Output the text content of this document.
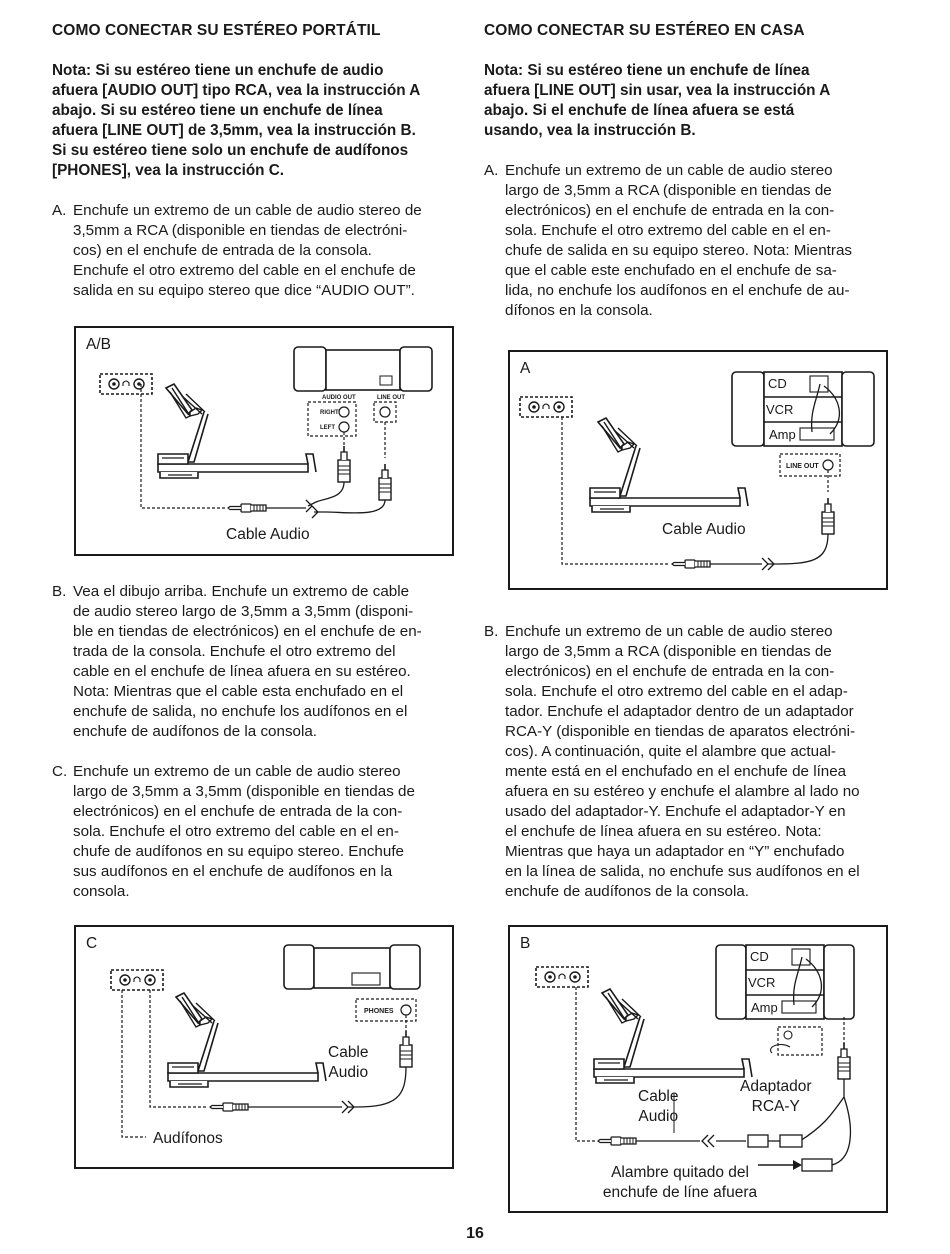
COMO CONECTAR SU ESTÉREO PORTÁTIL
Nota: Si su estéreo tiene un enchufe de audio
afuera [AUDIO OUT] tipo RCA, vea la instrucción A
abajo. Si su estéreo tiene un enchufe de línea
afuera [LINE OUT] de 3,5mm, vea la instrucción B.
Si su estéreo tiene solo un enchufe de audífonos
[PHONES], vea la instrucción C.
A. Enchufe un extremo de un cable de audio stereo de
3,5mm a RCA (disponible en tiendas de electróni-
cos) en el enchufe de entrada de la consola.
Enchufe el otro extremo del cable en el enchufe de
salida en su equipo stereo que dice “AUDIO OUT”.
B. Vea el dibujo arriba. Enchufe un extremo de cable
de audio stereo largo de 3,5mm a 3,5mm (disponi-
ble en tiendas de electrónicos) en el enchufe de en-
trada de la consola. Enchufe el otro extremo del
cable en el enchufe de línea afuera en su estéreo.
Nota: Mientras que el cable esta enchufado en el
enchufe de salida, no enchufe los audífonos en el
enchufe de audífonos de la consola.
C. Enchufe un extremo de un cable de audio stereo
largo de 3,5mm a 3,5mm (disponible en tiendas de
electrónicos) en el enchufe de entrada de la con-
sola. Enchufe el otro extremo del cable en el en-
chufe de audífonos en su equipo stereo. Enchufe
sus audífonos en el enchufe de audífonos en la
consola.
COMO CONECTAR SU ESTÉREO EN CASA
Nota: Si su estéreo tiene un enchufe de línea
afuera [LINE OUT] sin usar, vea la instrucción A
abajo. Si el enchufe de línea afuera se está
usando, vea la instrucción B.
A. Enchufe un extremo de un cable de audio stereo
largo de 3,5mm a RCA (disponible en tiendas de
electrónicos) en el enchufe de entrada en la con-
sola. Enchufe el otro extremo del cable en el en-
chufe de salida en su equipo stereo. Nota: Mientras
que el cable este enchufado en el enchufe de sa-
lida, no enchufe los audífonos en el enchufe de au-
dífonos en la consola.
B. Enchufe un extremo de un cable de audio stereo
largo de 3,5mm a RCA (disponible en tiendas de
electrónicos) en el enchufe de entrada en la con-
sola. Enchufe el otro extremo del cable en el adap-
tador. Enchufe el adaptador dentro de un adaptador
RCA-Y (disponible en tiendas de aparatos electróni-
cos). A continuación, quite el alambre que actual-
mente está en el enchufado en el enchufe de línea
afuera en su estéreo y enchufe el alambre al lado no
usado del adaptador-Y. Enchufe el adaptador-Y en
el enchufe de línea afuera en su estéreo. Nota:
Mientras que haya un adaptador en “Y” enchufado
en la línea de salida, no enchufe sus audífonos en el
enchufe de audífonos de la consola.
AUDIO OUT
RIGHT
LEFT
LINE OUT
A/B
Cable Audio
PHONES
C
Cable
Audio
Audífonos
CD
VCR
Amp
LINE OUT
A
Cable Audio
CD
VCR
Amp
B
Cable
Audio
Adaptador
RCA-Y
Alambre quitado del
enchufe de líne afuera
16
